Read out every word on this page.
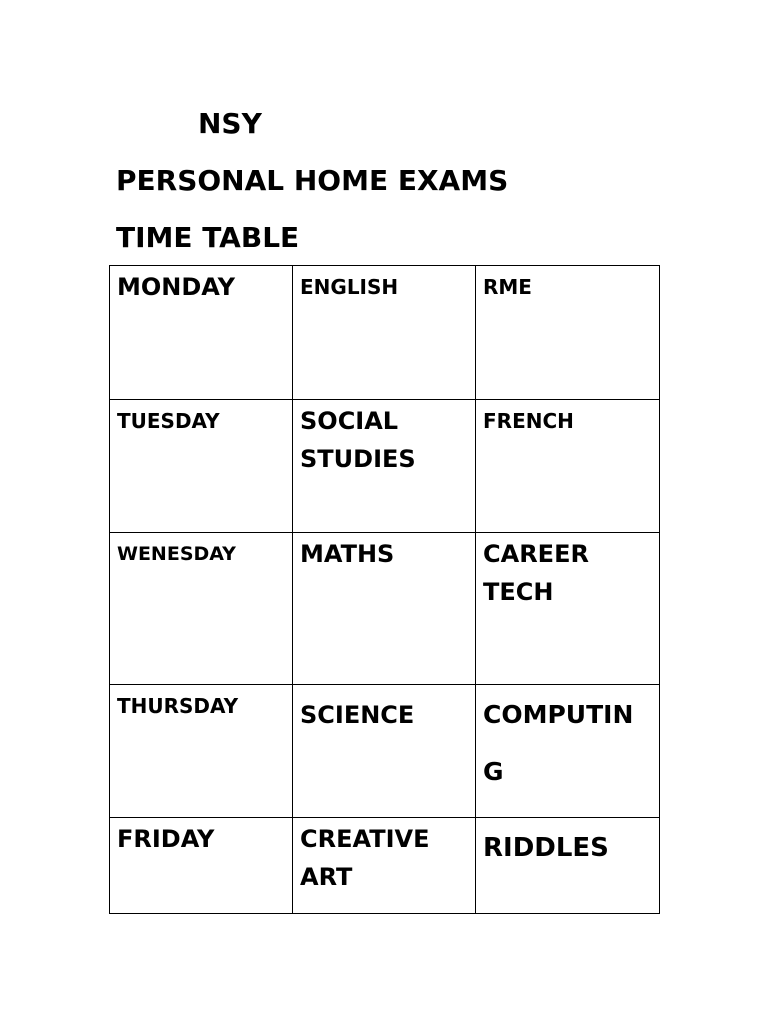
NSY
PERSONAL HOME EXAMS
TIME TABLE
MONDAY	ENGLISH	RME

TUESDAY	SOCIAL STUDIES	FRENCH

WENESDAY	MATHS	CAREER TECH

THURSDAY	SCIENCE	COMPUTIN G

FRIDAY	CREATIVE ART	RIDDLES
